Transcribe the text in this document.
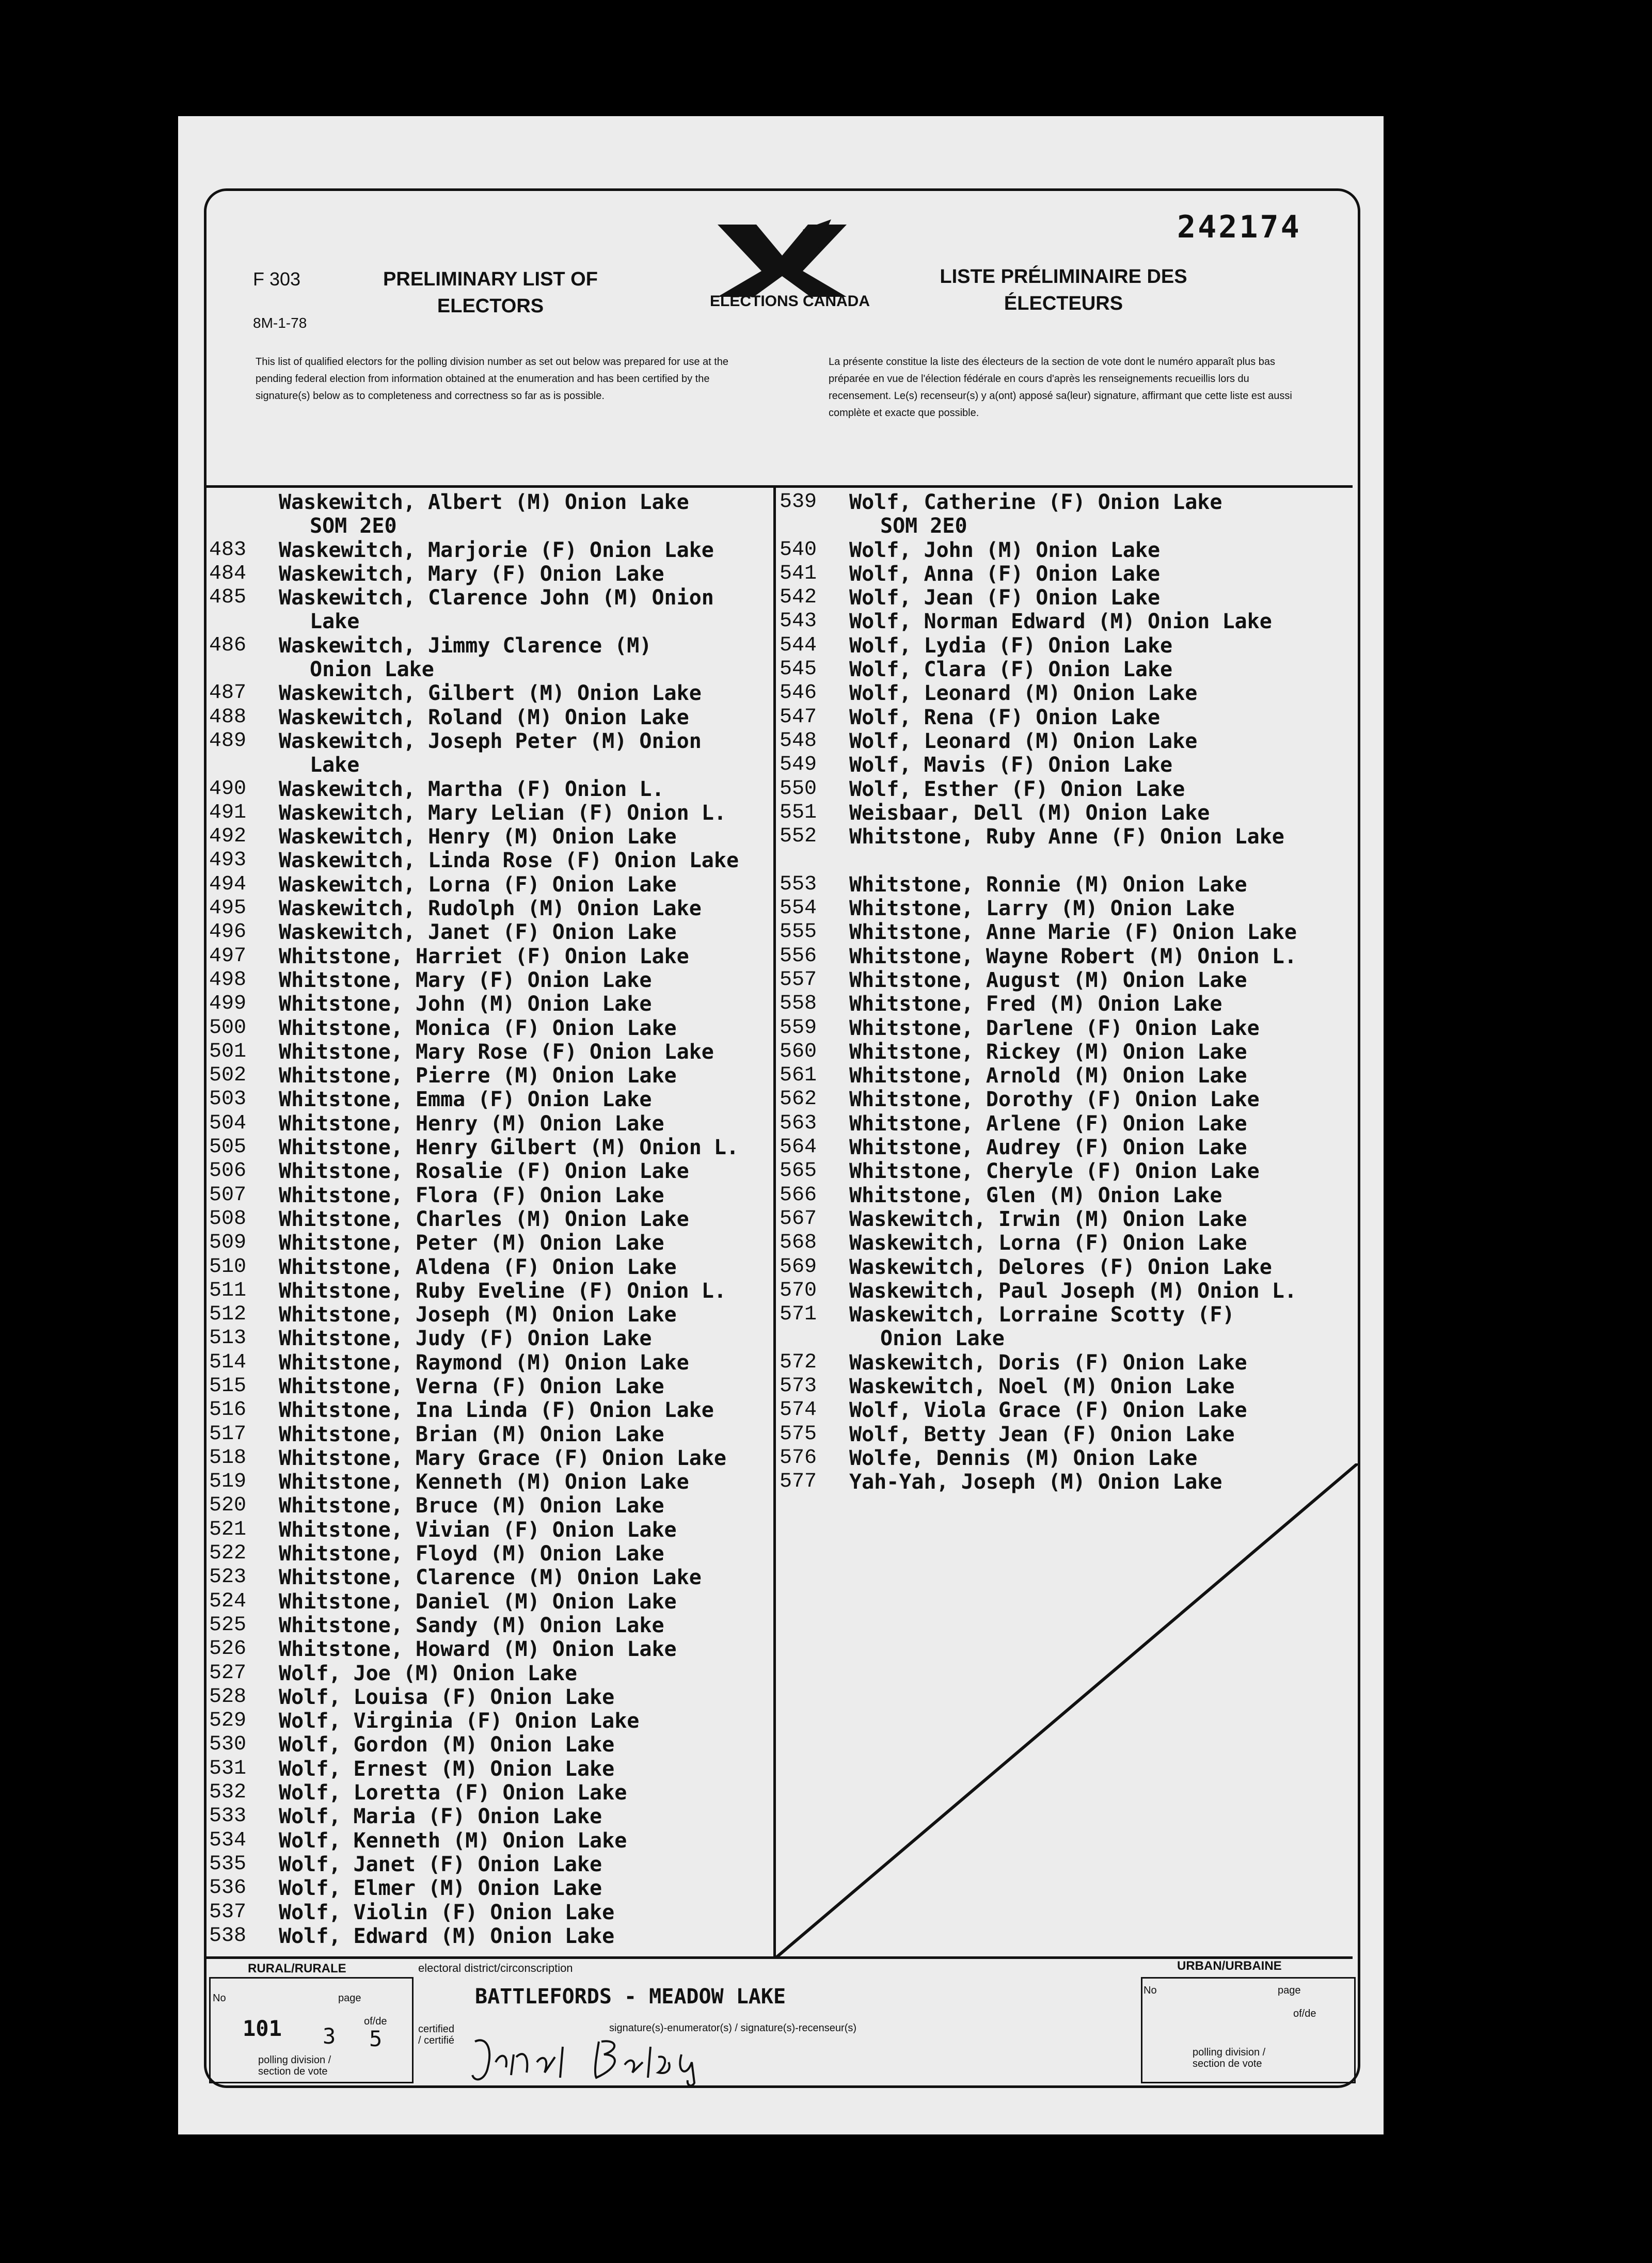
242174
F 303
8M-1-78
PRELIMINARY LIST OF ELECTORS
LISTE PRÉLIMINAIRE DES ÉLECTEURS
ELECTIONS CANADA
This list of qualified electors for the polling division number as set out below was prepared for use at the pending federal election from information obtained at the enumeration and has been certified by the signature(s) below as to completeness and correctness so far as is possible.
La présente constitue la liste des électeurs de la section de vote dont le numéro apparaît plus bas préparée en vue de l'élection fédérale en cours d'après les renseignements recueillis lors du recensement. Le(s) recenseur(s) y a(ont) apposé sa(leur) signature, affirmant que cette liste est aussi complète et exacte que possible.
Waskewitch, Albert (M) Onion Lake
SOM 2E0
483	Waskewitch, Marjorie (F) Onion Lake
484	Waskewitch, Mary (F) Onion Lake
485	Waskewitch, Clarence John (M) Onion
Lake
486	Waskewitch, Jimmy Clarence (M)
Onion Lake
487	Waskewitch, Gilbert (M) Onion Lake
488	Waskewitch, Roland (M) Onion Lake
489	Waskewitch, Joseph Peter (M) Onion
Lake
490	Waskewitch, Martha (F) Onion L.
491	Waskewitch, Mary Lelian (F) Onion L.
492	Waskewitch, Henry (M) Onion Lake
493	Waskewitch, Linda Rose (F) Onion Lake
494	Waskewitch, Lorna (F) Onion Lake
495	Waskewitch, Rudolph (M) Onion Lake
496	Waskewitch, Janet (F) Onion Lake
497	Whitstone, Harriet (F) Onion Lake
498	Whitstone, Mary (F) Onion Lake
499	Whitstone, John (M) Onion Lake
500	Whitstone, Monica (F) Onion Lake
501	Whitstone, Mary Rose (F) Onion Lake
502	Whitstone, Pierre (M) Onion Lake
503	Whitstone, Emma (F) Onion Lake
504	Whitstone, Henry (M) Onion Lake
505	Whitstone, Henry Gilbert (M) Onion L.
506	Whitstone, Rosalie (F) Onion Lake
507	Whitstone, Flora (F) Onion Lake
508	Whitstone, Charles (M) Onion Lake
509	Whitstone, Peter (M) Onion Lake
510	Whitstone, Aldena (F) Onion Lake
511	Whitstone, Ruby Eveline (F) Onion L.
512	Whitstone, Joseph (M) Onion Lake
513	Whitstone, Judy (F) Onion Lake
514	Whitstone, Raymond (M) Onion Lake
515	Whitstone, Verna (F) Onion Lake
516	Whitstone, Ina Linda (F) Onion Lake
517	Whitstone, Brian (M) Onion Lake
518	Whitstone, Mary Grace (F) Onion Lake
519	Whitstone, Kenneth (M) Onion Lake
520	Whitstone, Bruce (M) Onion Lake
521	Whitstone, Vivian (F) Onion Lake
522	Whitstone, Floyd (M) Onion Lake
523	Whitstone, Clarence (M) Onion Lake
524	Whitstone, Daniel (M) Onion Lake
525	Whitstone, Sandy (M) Onion Lake
526	Whitstone, Howard (M) Onion Lake
527	Wolf, Joe (M) Onion Lake
528	Wolf, Louisa (F) Onion Lake
529	Wolf, Virginia (F) Onion Lake
530	Wolf, Gordon (M) Onion Lake
531	Wolf, Ernest (M) Onion Lake
532	Wolf, Loretta (F) Onion Lake
533	Wolf, Maria (F) Onion Lake
534	Wolf, Kenneth (M) Onion Lake
535	Wolf, Janet (F) Onion Lake
536	Wolf, Elmer (M) Onion Lake
537	Wolf, Violin (F) Onion Lake
538	Wolf, Edward (M) Onion Lake
539	Wolf, Catherine (F) Onion Lake
SOM 2E0
540	Wolf, John (M) Onion Lake
541	Wolf, Anna (F) Onion Lake
542	Wolf, Jean (F) Onion Lake
543	Wolf, Norman Edward (M) Onion Lake
544	Wolf, Lydia (F) Onion Lake
545	Wolf, Clara (F) Onion Lake
546	Wolf, Leonard (M) Onion Lake
547	Wolf, Rena (F) Onion Lake
548	Wolf, Leonard (M) Onion Lake
549	Wolf, Mavis (F) Onion Lake
550	Wolf, Esther (F) Onion Lake
551	Weisbaar, Dell (M) Onion Lake
552	Whitstone, Ruby Anne (F) Onion Lake
553	Whitstone, Ronnie (M) Onion Lake
554	Whitstone, Larry (M) Onion Lake
555	Whitstone, Anne Marie (F) Onion Lake
556	Whitstone, Wayne Robert (M) Onion L.
557	Whitstone, August (M) Onion Lake
558	Whitstone, Fred (M) Onion Lake
559	Whitstone, Darlene (F) Onion Lake
560	Whitstone, Rickey (M) Onion Lake
561	Whitstone, Arnold (M) Onion Lake
562	Whitstone, Dorothy (F) Onion Lake
563	Whitstone, Arlene (F) Onion Lake
564	Whitstone, Audrey (F) Onion Lake
565	Whitstone, Cheryle (F) Onion Lake
566	Whitstone, Glen (M) Onion Lake
567	Waskewitch, Irwin (M) Onion Lake
568	Waskewitch, Lorna (F) Onion Lake
569	Waskewitch, Delores (F) Onion Lake
570	Waskewitch, Paul Joseph (M) Onion L.
571	Waskewitch, Lorraine Scotty (F)
Onion Lake
572	Waskewitch, Doris (F) Onion Lake
573	Waskewitch, Noel (M) Onion Lake
574	Wolf, Viola Grace (F) Onion Lake
575	Wolf, Betty Jean (F) Onion Lake
576	Wolfe, Dennis (M) Onion Lake
577	Yah-Yah, Joseph (M) Onion Lake
RURAL/RURALE	electoral district/circonscription	URBAN/URBAINE
BATTLEFORDS - MEADOW LAKE
No	page
101 3
of/de
5
polling division / section de vote
certified / certifié
signature(s)-enumerator(s) / signature(s)-recenseur(s)
No	page
of/de
polling division / section de vote
